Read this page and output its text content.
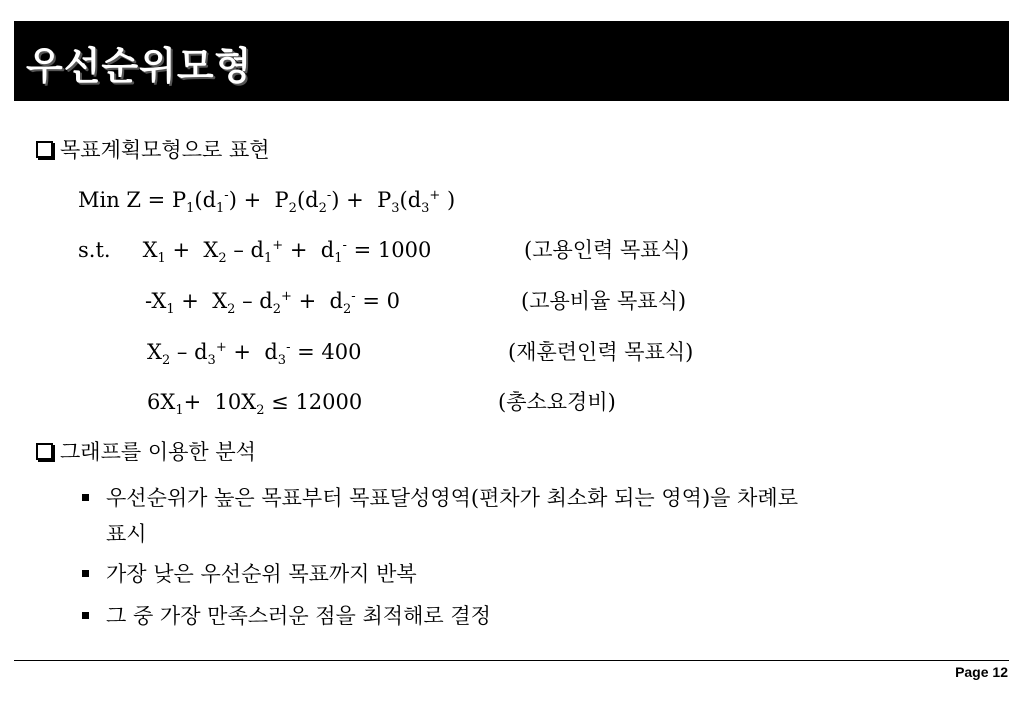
우선순위모형
목표계획모형으로 표현
Min $Z = P_1(d_1^-) + P_2(d_2^-) + P_3(d_3^+$ )
s.t. $X_1 + X_2 - d_1^+ + d_1^- = 1000$	(고용인력 목표식)
$-X_1 + X_2 - d_2^+ + d_2^- = 0$	(고용비율 목표식)
$X_2 - d_3^+ + d_3^- = 400$	(재훈련인력 목표식)
$6X_1+ 10X_2 \le 12000$	(총소요경비)
그래프를 이용한 분석
우선순위가 높은 목표부터 목표달성영역(편차가 최소화 되는 영역)을 차례로
표시
가장 낮은 우선순위 목표까지 반복
그 중 가장 만족스러운 점을 최적해로 결정
Page 12
